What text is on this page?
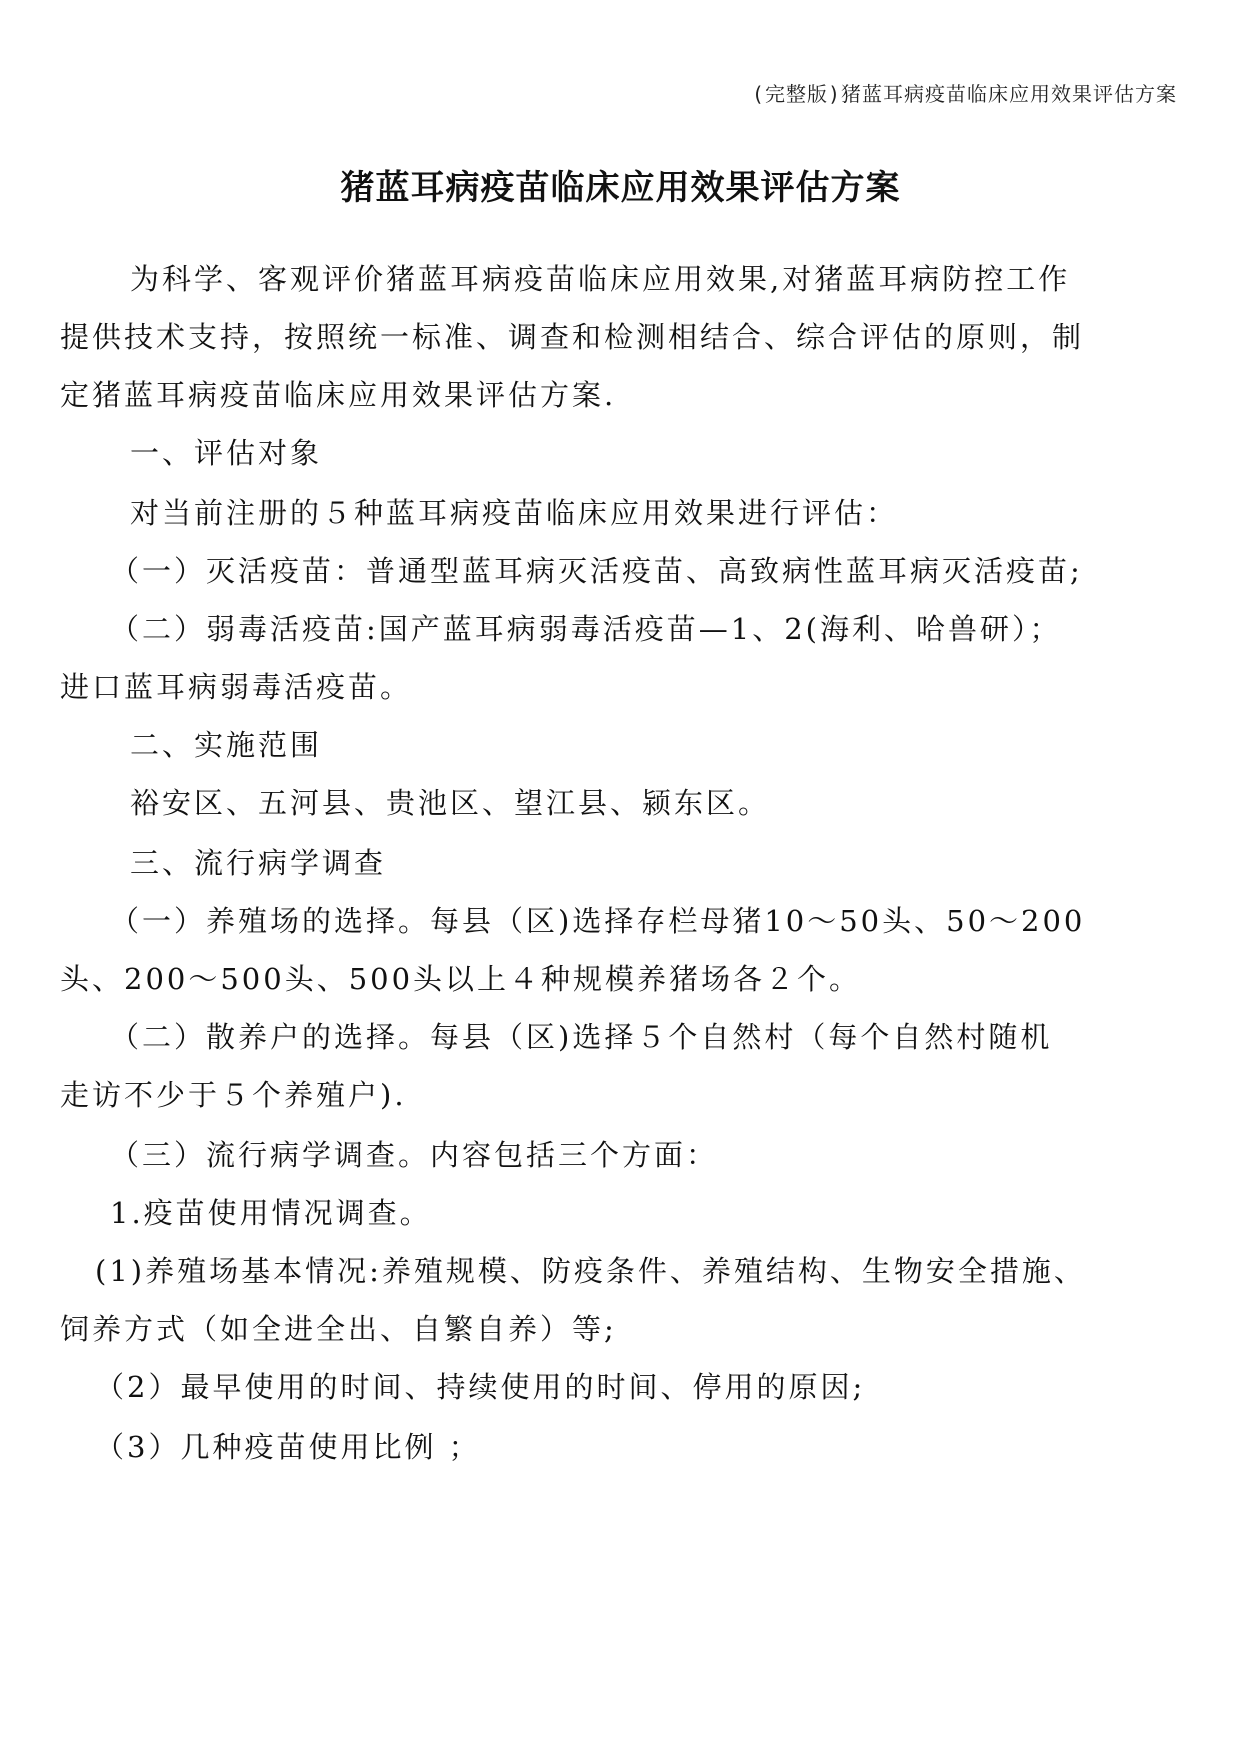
(完整版)猪蓝耳病疫苗临床应用效果评估方案
猪蓝耳病疫苗临床应用效果评估方案
为科学、客观评价猪蓝耳病疫苗临床应用效果,对猪蓝耳病防控工作
提供技术支持，按照统一标准、调查和检测相结合、综合评估的原则，制
定猪蓝耳病疫苗临床应用效果评估方案.
一、评估对象
对当前注册的５种蓝耳病疫苗临床应用效果进行评估：
（一）灭活疫苗：普通型蓝耳病灭活疫苗、高致病性蓝耳病灭活疫苗;
（二）弱毒活疫苗:国产蓝耳病弱毒活疫苗—1、2(海利、哈兽研）；
进口蓝耳病弱毒活疫苗。
二、实施范围
裕安区、五河县、贵池区、望江县、颍东区。
三、流行病学调查
（一）养殖场的选择。每县（区)选择存栏母猪10～50头、50～200
头、200～500头、500头以上４种规模养猪场各２个。
（二）散养户的选择。每县（区)选择５个自然村（每个自然村随机
走访不少于５个养殖户).
（三）流行病学调查。内容包括三个方面：
1.疫苗使用情况调查。
(1)养殖场基本情况:养殖规模、防疫条件、养殖结构、生物安全措施、
饲养方式（如全进全出、自繁自养）等;
（2）最早使用的时间、持续使用的时间、停用的原因;
（3）几种疫苗使用比例 ；
